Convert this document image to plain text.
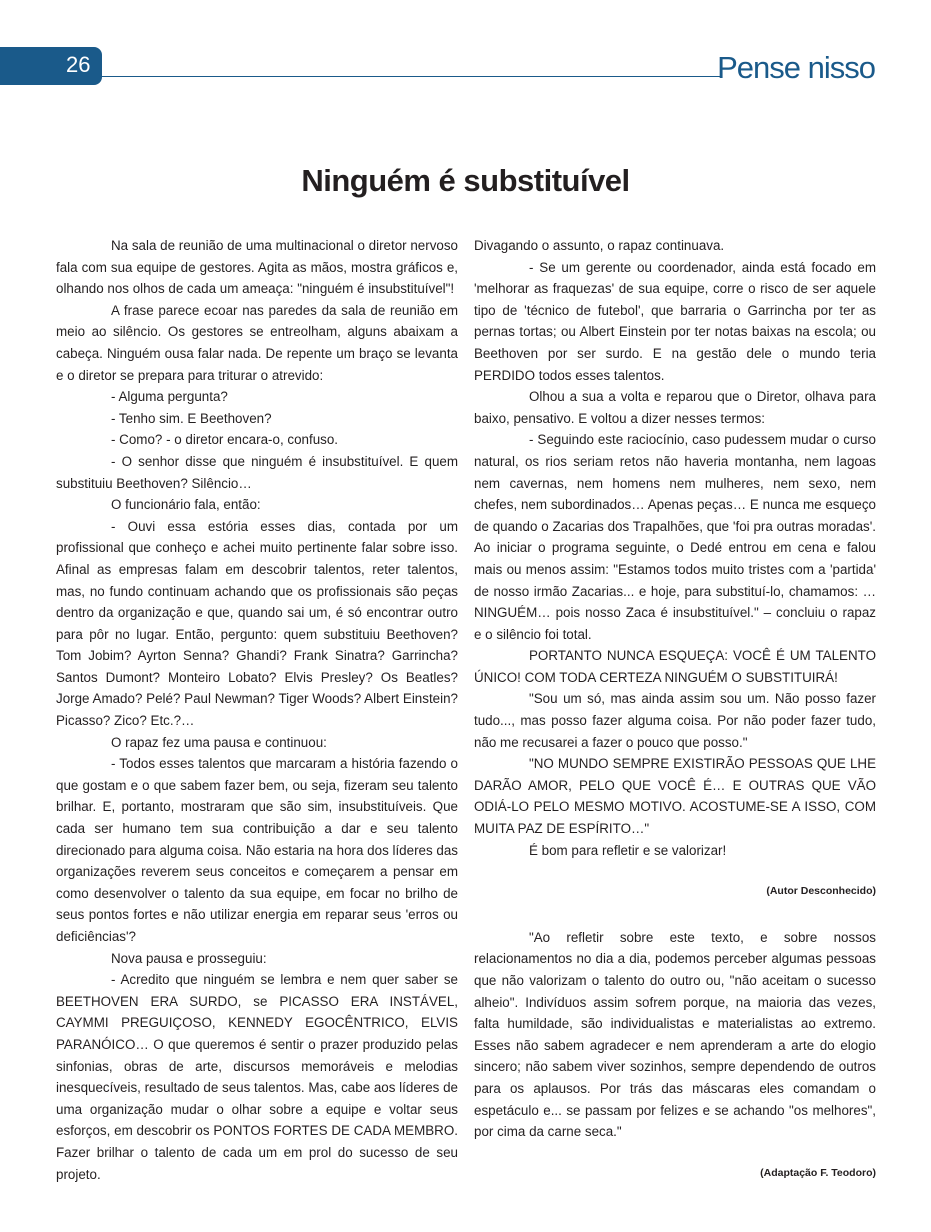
26	Pense nisso
Ninguém é substituível

Na sala de reunião de uma multinacional o diretor nervoso fala com sua equipe de gestores. Agita as mãos, mostra gráficos e, olhando nos olhos de cada um ameaça: "ninguém é insubstituível"!

A frase parece ecoar nas paredes da sala de reunião em meio ao silêncio. Os gestores se entreolham, alguns abaixam a cabeça. Ninguém ousa falar nada. De repente um braço se levanta e o diretor se prepara para triturar o atrevido:

- Alguma pergunta?

- Tenho sim. E Beethoven?

- Como? - o diretor encara-o, confuso.

- O senhor disse que ninguém é insubstituível. E quem substituiu Beethoven? Silêncio…

O funcionário fala, então:

- Ouvi essa estória esses dias, contada por um profissional que conheço e achei muito pertinente falar sobre isso. Afinal as empresas falam em descobrir talentos, reter talentos, mas, no fundo continuam achando que os profissionais são peças dentro da organização e que, quando sai um, é só encontrar outro para pôr no lugar. Então, pergunto: quem substituiu Beethoven? Tom Jobim? Ayrton Senna? Ghandi? Frank Sinatra? Garrincha? Santos Dumont? Monteiro Lobato? Elvis Presley? Os Beatles? Jorge Amado? Pelé? Paul Newman? Tiger Woods? Albert Einstein? Picasso? Zico? Etc.?…

O rapaz fez uma pausa e continuou:

- Todos esses talentos que marcaram a história fazendo o que gostam e o que sabem fazer bem, ou seja, fizeram seu talento brilhar. E, portanto, mostraram que são sim, insubstituíveis. Que cada ser humano tem sua contribuição a dar e seu talento direcionado para alguma coisa. Não estaria na hora dos líderes das organizações reverem seus conceitos e começarem a pensar em como desenvolver o talento da sua equipe, em focar no brilho de seus pontos fortes e não utilizar energia em reparar seus 'erros ou deficiências'?

Nova pausa e prosseguiu:

- Acredito que ninguém se lembra e nem quer saber se BEETHOVEN ERA SURDO, se PICASSO ERA INSTÁVEL, CAYMMI PREGUIÇOSO, KENNEDY EGOCÊNTRICO, ELVIS PARANÓICO… O que queremos é sentir o prazer produzido pelas sinfonias, obras de arte, discursos memoráveis e melodias inesquecíveis, resultado de seus talentos. Mas, cabe aos líderes de uma organização mudar o olhar sobre a equipe e voltar seus esforços, em descobrir os PONTOS FORTES DE CADA MEMBRO. Fazer brilhar o talento de cada um em prol do sucesso de seu projeto.

Divagando o assunto, o rapaz continuava.

- Se um gerente ou coordenador, ainda está focado em 'melhorar as fraquezas' de sua equipe, corre o risco de ser aquele tipo de 'técnico de futebol', que barraria o Garrincha por ter as pernas tortas; ou Albert Einstein por ter notas baixas na escola; ou Beethoven por ser surdo. E na gestão dele o mundo teria PERDIDO todos esses talentos.

Olhou a sua a volta e reparou que o Diretor, olhava para baixo, pensativo. E voltou a dizer nesses termos:

- Seguindo este raciocínio, caso pudessem mudar o curso natural, os rios seriam retos não haveria montanha, nem lagoas nem cavernas, nem homens nem mulheres, nem sexo, nem chefes, nem subordinados… Apenas peças… E nunca me esqueço de quando o Zacarias dos Trapalhões, que 'foi pra outras moradas'. Ao iniciar o programa seguinte, o Dedé entrou em cena e falou mais ou menos assim: "Estamos todos muito tristes com a 'partida' de nosso irmão Zacarias... e hoje, para substituí-lo, chamamos: …NINGUÉM… pois nosso Zaca é insubstituível." – concluiu o rapaz e o silêncio foi total.

PORTANTO NUNCA ESQUEÇA: VOCÊ É UM TALENTO ÚNICO! COM TODA CERTEZA NINGUÉM O SUBSTITUIRÁ!

"Sou um só, mas ainda assim sou um. Não posso fazer tudo..., mas posso fazer alguma coisa. Por não poder fazer tudo, não me recusarei a fazer o pouco que posso."

"NO MUNDO SEMPRE EXISTIRÃO PESSOAS QUE LHE DARÃO AMOR, PELO QUE VOCÊ É… E OUTRAS QUE VÃO ODIÁ-LO PELO MESMO MOTIVO. ACOSTUME-SE A ISSO, COM MUITA PAZ DE ESPÍRITO…"

É bom para refletir e se valorizar!

(Autor Desconhecido)

"Ao refletir sobre este texto, e sobre nossos relacionamentos no dia a dia, podemos perceber algumas pessoas que não valorizam o talento do outro ou, "não aceitam o sucesso alheio". Indivíduos assim sofrem porque, na maioria das vezes, falta humildade, são individualistas e materialistas ao extremo. Esses não sabem agradecer e nem aprenderam a arte do elogio sincero; não sabem viver sozinhos, sempre dependendo de outros para os aplausos. Por trás das máscaras eles comandam o espetáculo e... se passam por felizes e se achando "os melhores", por cima da carne seca."

(Adaptação F. Teodoro)
